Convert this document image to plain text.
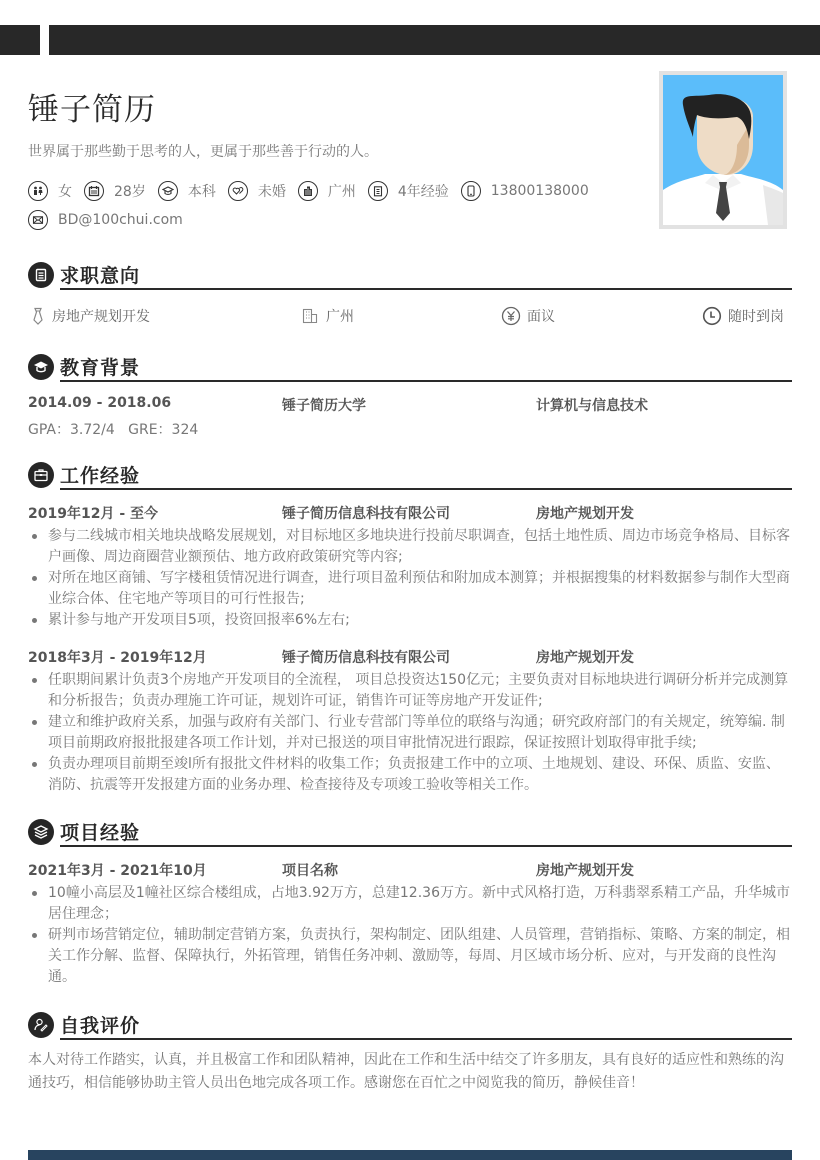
锤子简历

世界属于那些勤于思考的人，更属于那些善于行动的人。

女	28岁	本科	未婚	广州	4年经验	13800138000
BD@100chui.com
求职意向
房地产规划开发	广州	面议	随时到岗
教育背景
2014.09 - 2018.06	锤子简历大学	计算机与信息技术

GPA：3.72/4   GRE：324

工作经验
2019年12月 - 至今	锤子简历信息科技有限公司	房地产规划开发
参与二线城市相关地块战略发展规划，对目标地区多地块进行投前尽职调查，包括土地性质、周边市场竞争格局、目标客户画像、周边商圈营业额预估、地方政府政策研究等内容;
对所在地区商铺、写字楼租赁情况进行调查，进行项目盈利预估和附加成本测算；并根据搜集的材料数据参与制作大型商业综合体、住宅地产等项目的可行性报告;
累计参与地产开发项目5项，投资回报率6%左右;
2018年3月 - 2019年12月	锤子简历信息科技有限公司	房地产规划开发
任职期间累计负责3个房地产开发项目的全流程， 项目总投资达150亿元；主要负责对目标地块进行调研分析并完成测算和分析报告；负责办理施工许可证，规划许可证，销售许可证等房地产开发证件;
建立和维护政府关系，加强与政府有关部门、行业专营部门等单位的联络与沟通；研究政府部门的有关规定，统筹编. 制项目前期政府报批报建各项工作计划，并对已报送的项目审批情况进行跟踪，保证按照计划取得审批手续;
负责办理项目前期至竣l所有报批文件材料的收集工作；负责报建工作中的立项、土地规划、建设、环保、质监、安监、消防、抗震等开发报建方面的业务办理、检查接待及专项竣工验收等相关工作。
项目经验
2021年3月 - 2021年10月	项目名称	房地产规划开发
10幢小高层及1幢社区综合楼组成，占地3.92万方，总建12.36万方。新中式风格打造，万科翡翠系精工产品，升华城市居住理念；
研判市场营销定位，辅助制定营销方案，负责执行，架构制定、团队组建、人员管理，营销指标、策略、方案的制定，相关工作分解、监督、保障执行，外拓管理，销售任务冲刺、激励等，每周、月区域市场分析、应对，与开发商的良性沟通。
自我评价

本人对待工作踏实，认真，并且极富工作和团队精神，因此在工作和生活中结交了许多朋友，具有良好的适应性和熟练的沟通技巧，相信能够协助主管人员出色地完成各项工作。感谢您在百忙之中阅览我的简历，静候佳音！
